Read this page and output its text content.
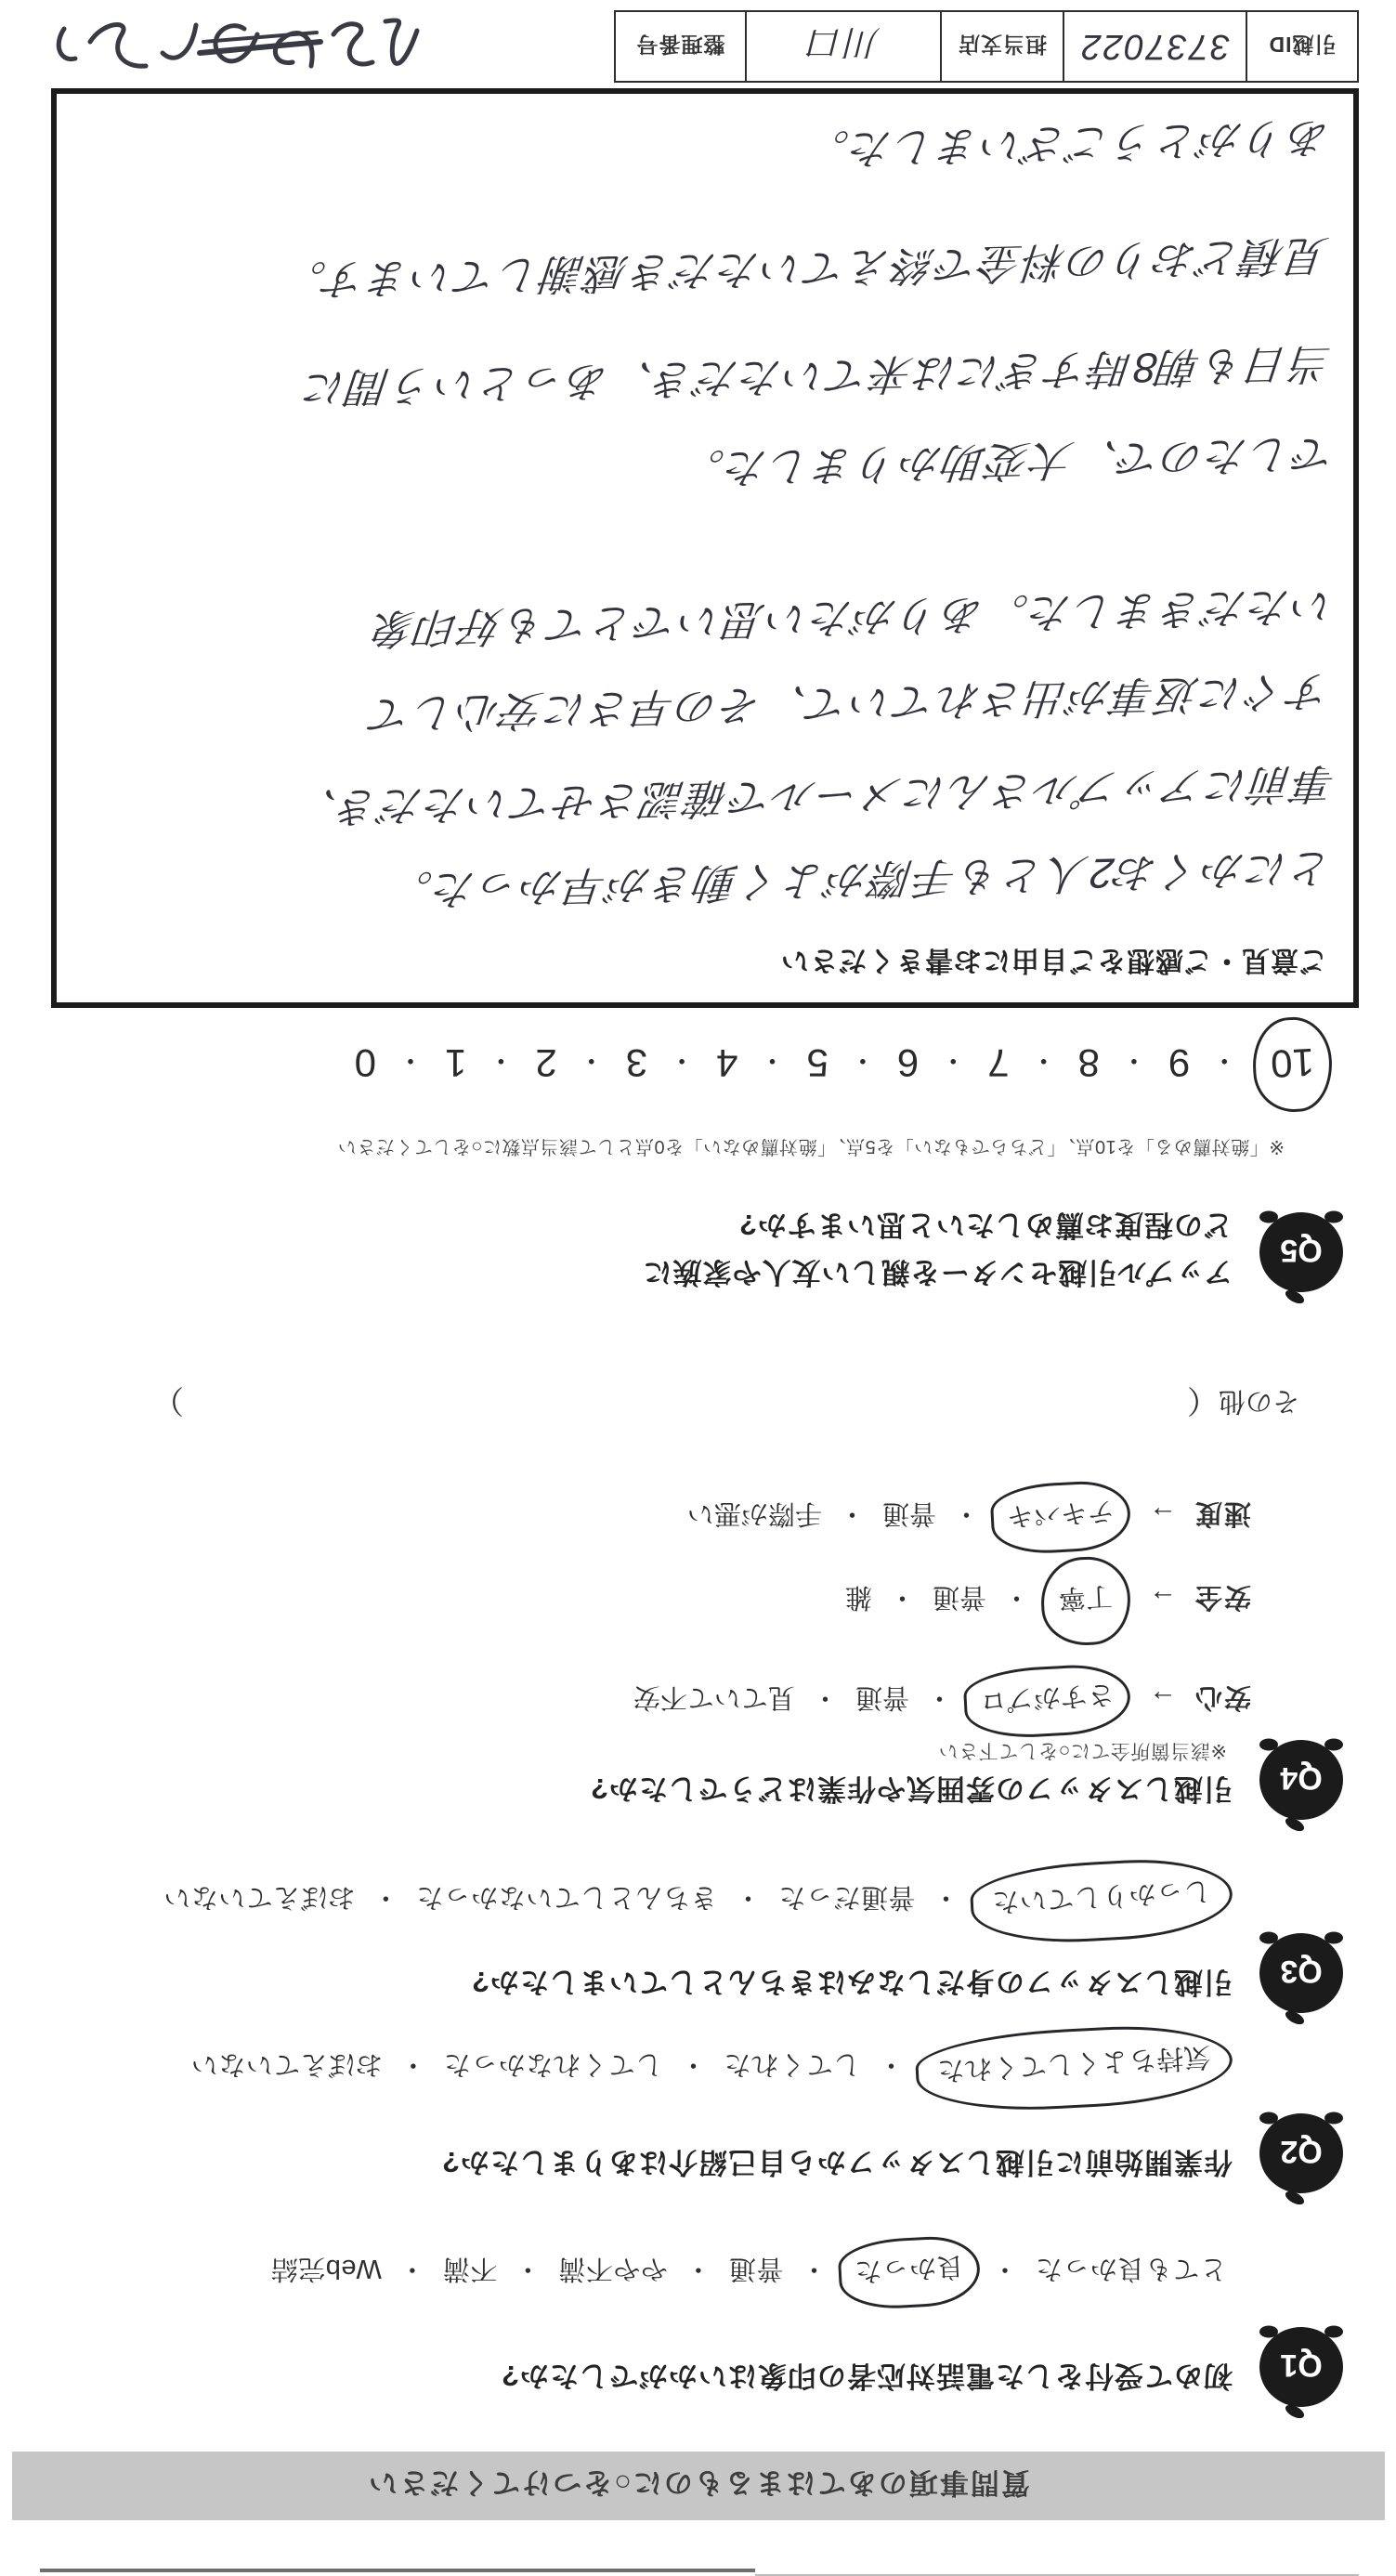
質問事項のあてはまるものに○をつけてください
Q1
初めて受付をした電話対応者の印象はいかがでしたか?
とても良かった
・
良かった
・
普通
・
やや不満
・
不満
・
Web完結
Q2
作業開始前に引越しスタッフから自己紹介はありましたか?
気持ちよくしてくれた
・
してくれた
・
してくれなかった
・
おぼえていない
Q3
引越しスタッフの身だしなみはきちんとしていましたか?
しっかりしていた
・
普通だった
・
きちんとしていなかった
・
おぼえていない
Q4
引越しスタッフの雰囲気や作業はどうでしたか?
※該当箇所全てに○をして下さい
安心
→
さすがプロ
・
普通
・
見ていて不安
安全
→
丁寧
・
普通
・
雑
速度
→
テキパキ
・
普通
・
手際が悪い
その他
（
）
Q5
アップル引越センターを親しい友人や家族に
どの程度お薦めしたいと思いますか?
※「絶対薦める」を10点、「どちらでもない」を5点、「絶対薦めない」を0点として該当点数に○をしてください
10
・
9
・
8
・
7
・
6
・
5
・
4
・
3
・
2
・
1
・
0
ご意見・ご感想をご自由にお書きください
とにかくお2人とも手際がよく動きが早かった。
事前にアップルさんにメールで確認させていただき、
すぐに返事が出されていて、その早さに安心して
いただきました。ありがたい思いでとても好印象
でしたので、大変助かりました。
当日も朝8時すぎには来ていただき、あっという間に
見積どおりの料金で終えていただき感謝しています。
ありがとうございました。
引越ID
3737022
担当支店
川口
整理番号
